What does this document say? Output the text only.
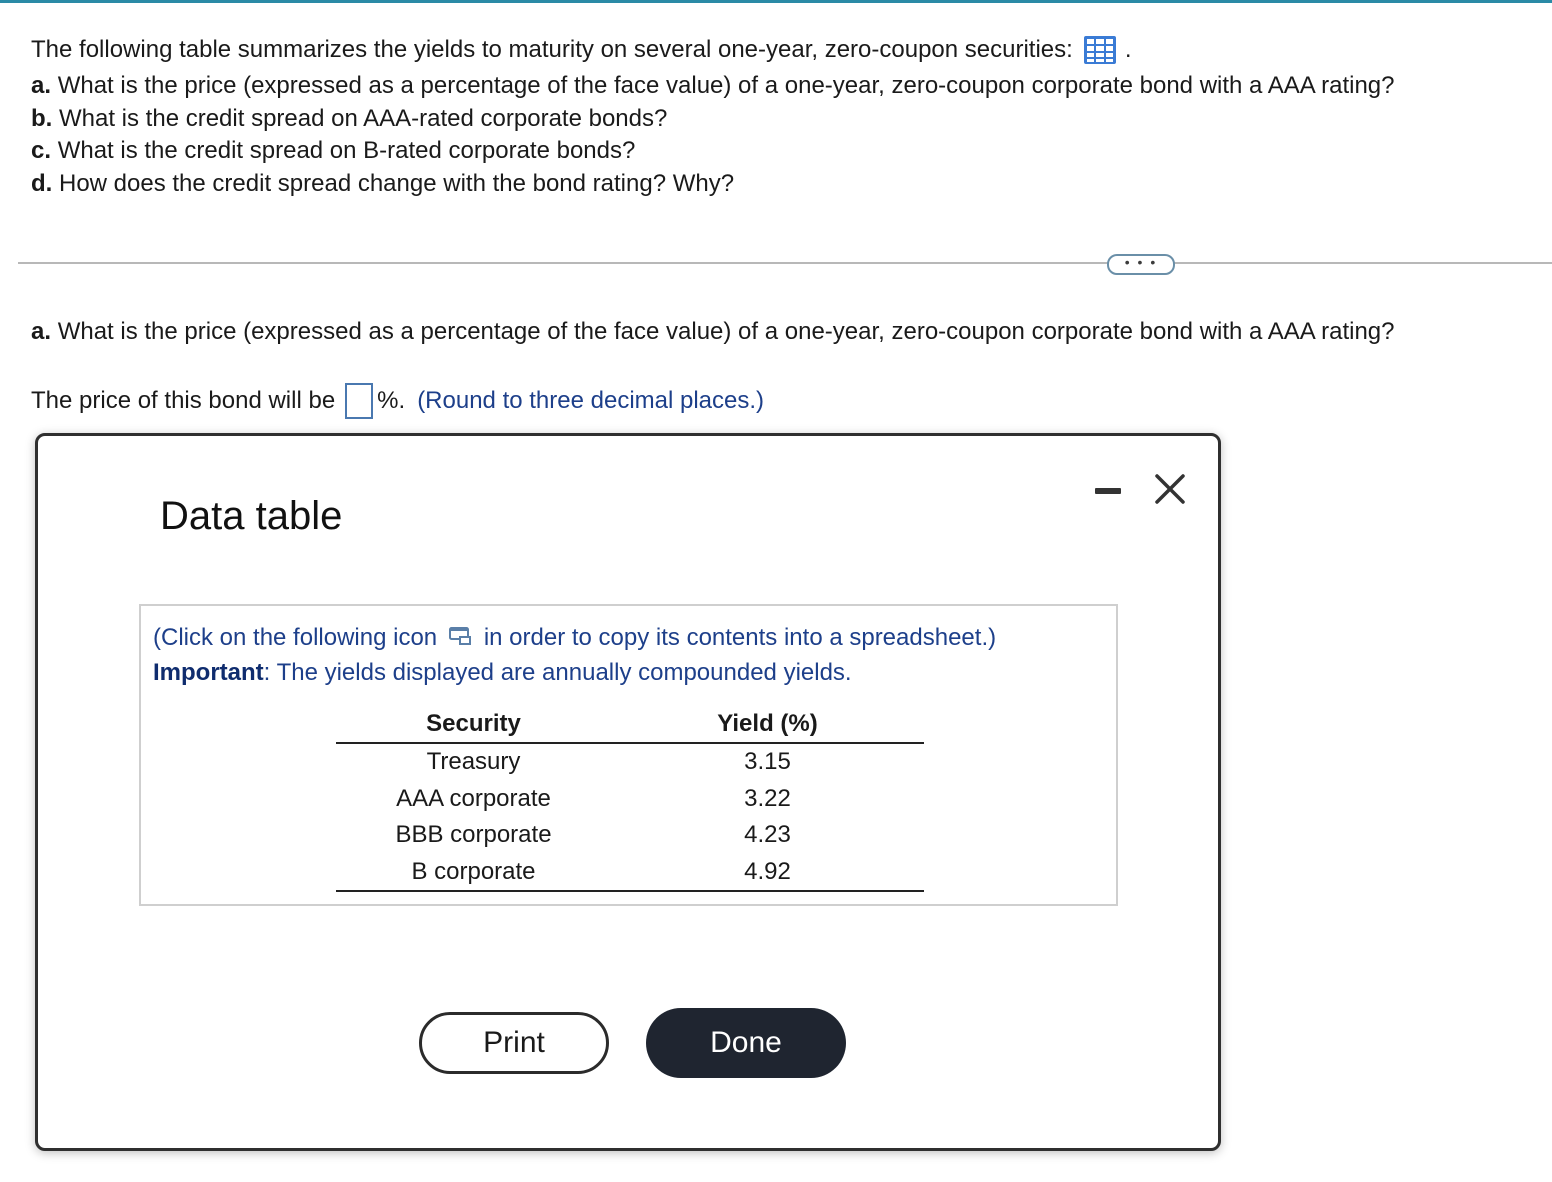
The following table summarizes the yields to maturity on several one-year, zero-coupon securities: .

a. What is the price (expressed as a percentage of the face value) of a one-year, zero-coupon corporate bond with a AAA rating?

b. What is the credit spread on AAA-rated corporate bonds?

c. What is the credit spread on B-rated corporate bonds?

d. How does the credit spread change with the bond rating? Why?

• • •
a. What is the price (expressed as a percentage of the face value) of a one-year, zero-coupon corporate bond with a AAA rating?
The price of this bond will be %. (Round to three decimal places.)
Data table
(Click on the following icon in order to copy its contents into a spreadsheet.)
Important: The yields displayed are annually compounded yields.
Security	Yield (%)
Treasury	3.15
AAA corporate	3.22
BBB corporate	4.23
B corporate	4.92
Print	Done
